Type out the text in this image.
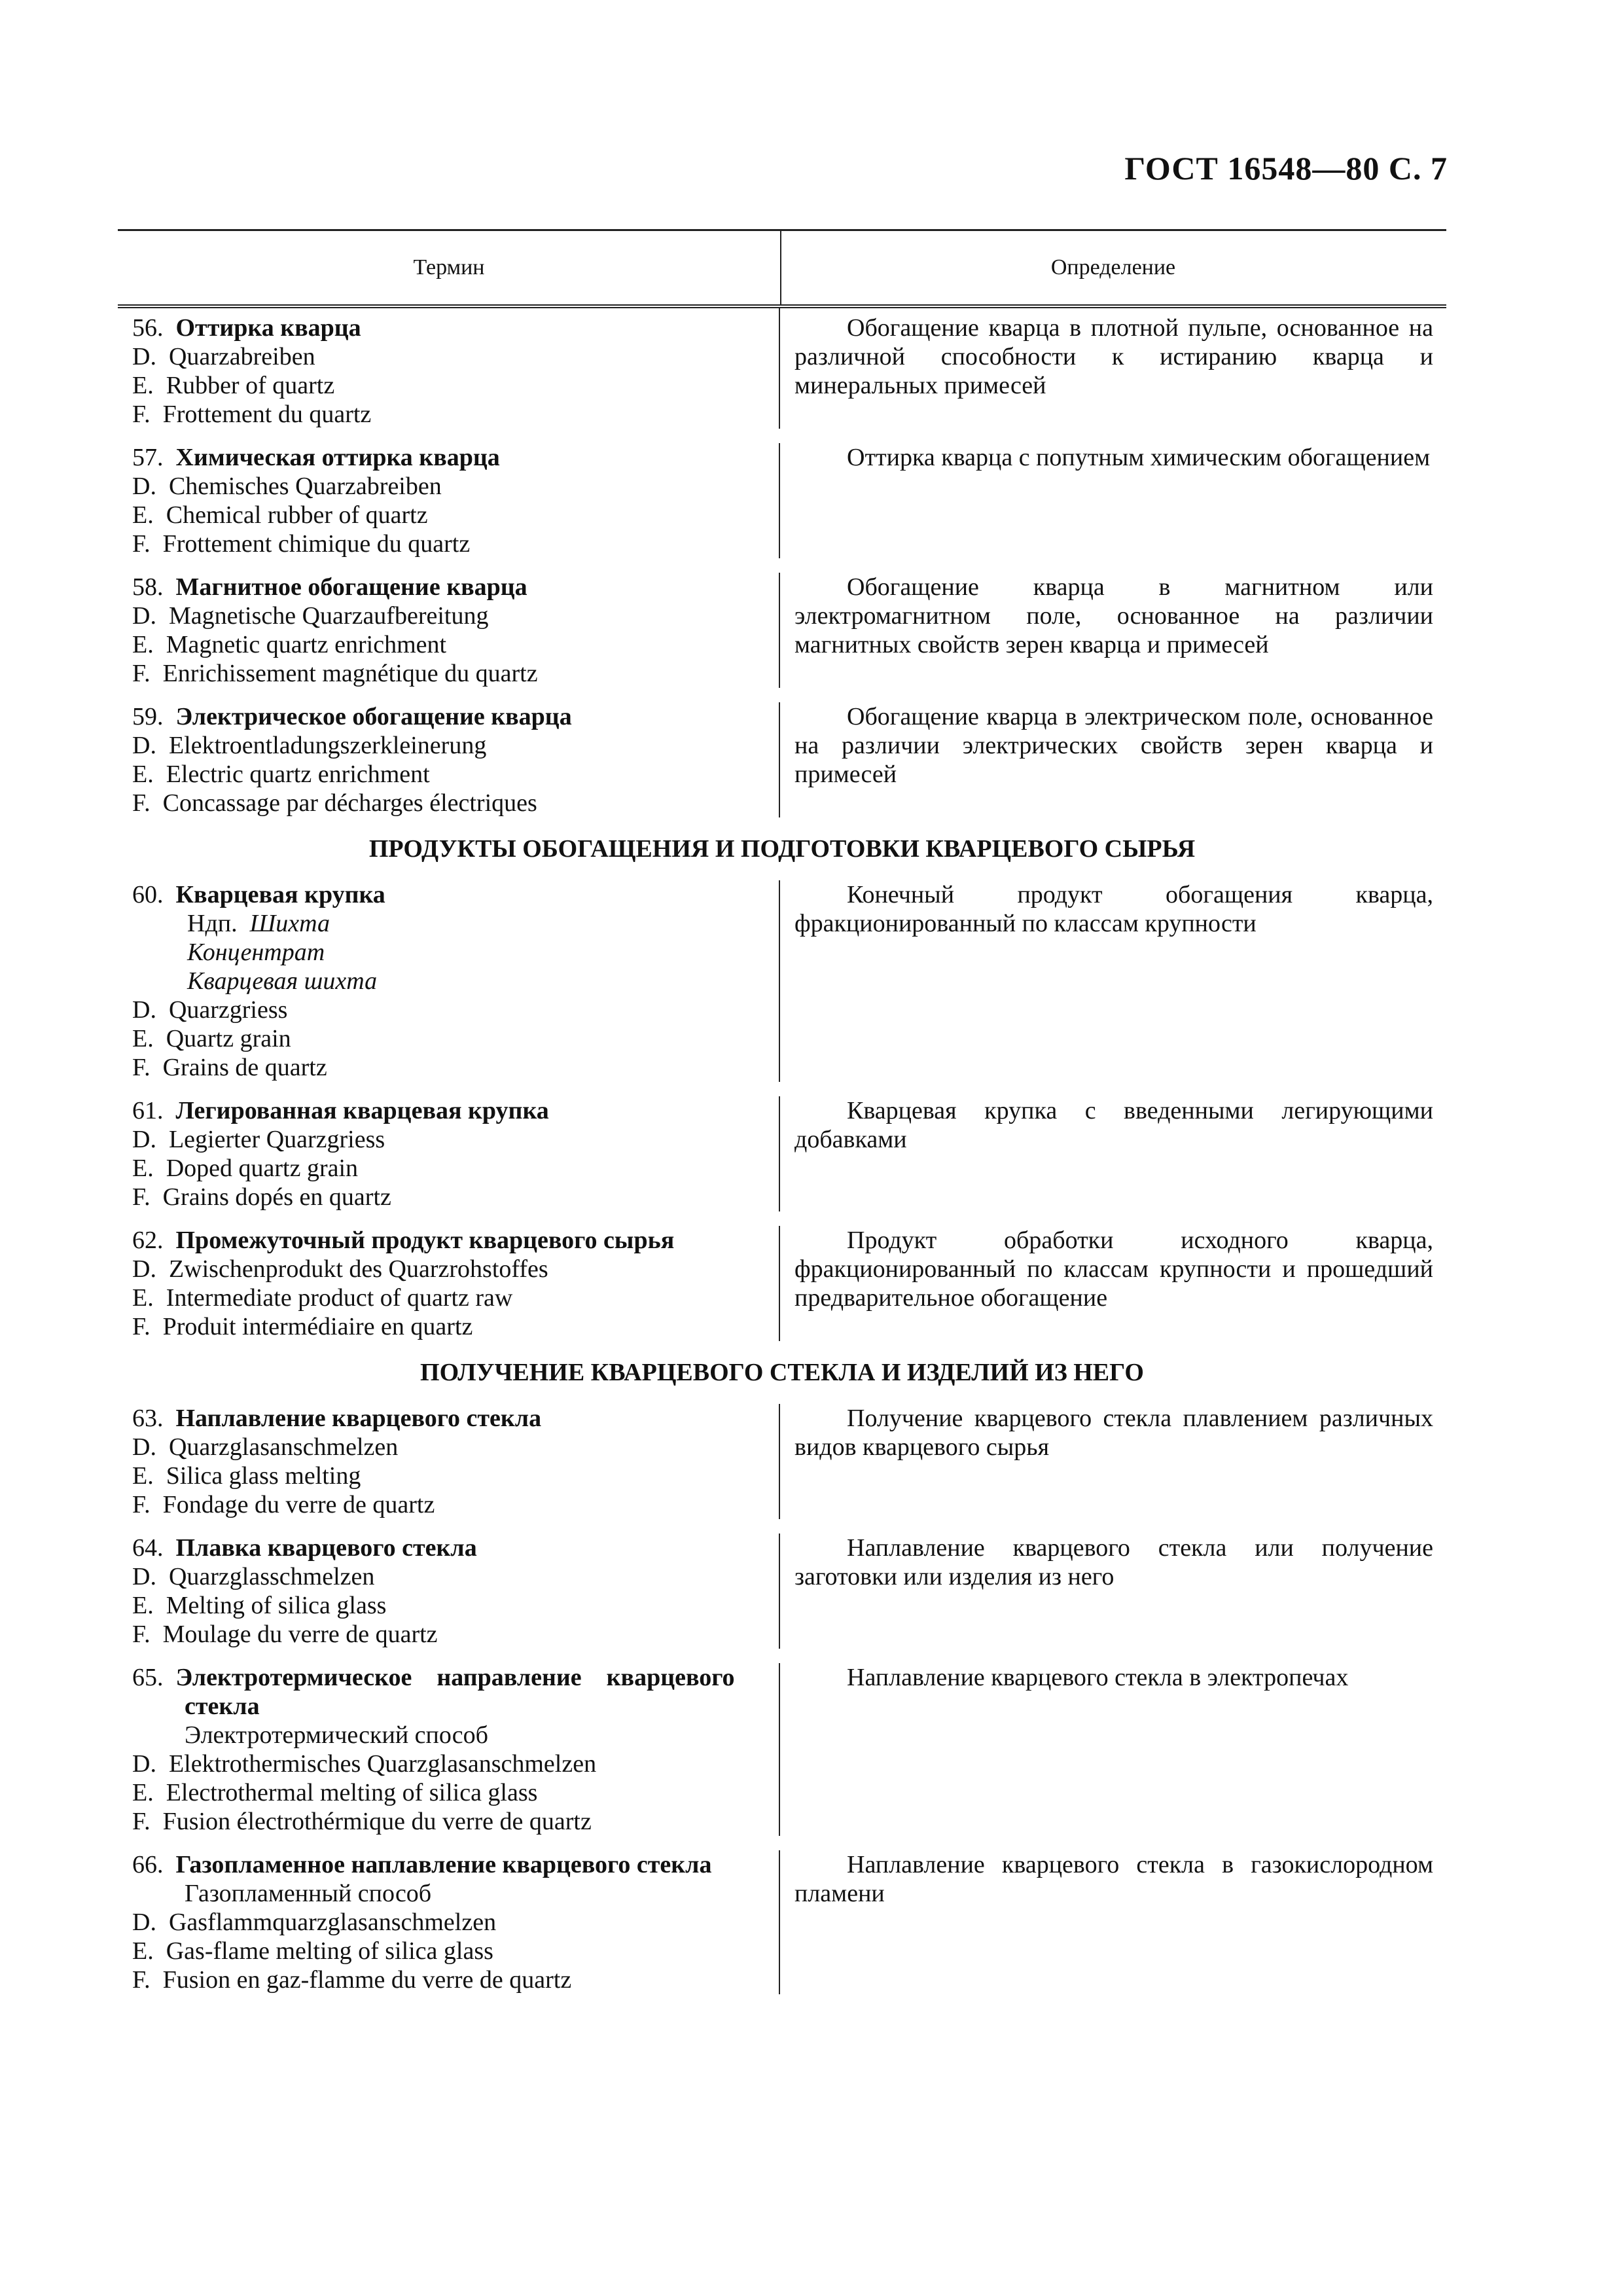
ГОСТ 16548—80 С. 7
Термин	Определение
56. Оттирка кварца
D. Quarzabreiben
E. Rubber of quartz
F. Frottement du quartz
Обогащение кварца в плотной пульпе, основанное на различной способности к истиранию кварца и минеральных примесей
57. Химическая оттирка кварца
D. Chemisches Quarzabreiben
E. Chemical rubber of quartz
F. Frottement chimique du quartz
Оттирка кварца с попутным химическим обогащением
58. Магнитное обогащение кварца
D. Magnetische Quarzaufbereitung
E. Magnetic quartz enrichment
F. Enrichissement magnétique du quartz
Обогащение кварца в магнитном или электромагнитном поле, основанное на различии магнитных свойств зерен кварца и примесей
59. Электрическое обогащение кварца
D. Elektroentladungszerkleinerung
E. Electric quartz enrichment
F. Concassage par décharges électriques
Обогащение кварца в электрическом поле, основанное на различии электрических свойств зерен кварца и примесей
ПРОДУКТЫ ОБОГАЩЕНИЯ И ПОДГОТОВКИ КВАРЦЕВОГО СЫРЬЯ
60. Кварцевая крупка
Ндп. Шихта
Концентрат
Кварцевая шихта
D. Quarzgriess
E. Quartz grain
F. Grains de quartz
Конечный продукт обогащения кварца, фракционированный по классам крупности
61. Легированная кварцевая крупка
D. Legierter Quarzgriess
E. Doped quartz grain
F. Grains dopés en quartz
Кварцевая крупка с введенными легирующими добавками
62. Промежуточный продукт кварцевого сырья
D. Zwischenprodukt des Quarzrohstoffes
E. Intermediate product of quartz raw
F. Produit intermédiaire en quartz
Продукт обработки исходного кварца, фракционированный по классам крупности и прошедший предварительное обогащение
ПОЛУЧЕНИЕ КВАРЦЕВОГО СТЕКЛА И ИЗДЕЛИЙ ИЗ НЕГО
63. Наплавление кварцевого стекла
D. Quarzglasanschmelzen
E. Silica glass melting
F. Fondage du verre de quartz
Получение кварцевого стекла плавлением различных видов кварцевого сырья
64. Плавка кварцевого стекла
D. Quarzglasschmelzen
E. Melting of silica glass
F. Moulage du verre de quartz
Наплавление кварцевого стекла или получение заготовки или изделия из него
65. Электротермическое    направление    кварцевого
стекла
Электротермический способ
D. Elektrothermisches Quarzglasanschmelzen
E. Electrothermal melting of silica glass
F. Fusion électrothérmique du verre de quartz
Наплавление кварцевого стекла в электропечах
66. Газопламенное наплавление кварцевого стекла
Газопламенный способ
D. Gasflammquarzglasanschmelzen
E. Gas-flame melting of silica glass
F. Fusion en gaz-flamme du verre de quartz
Наплавление кварцевого стекла в газокислородном пламени
